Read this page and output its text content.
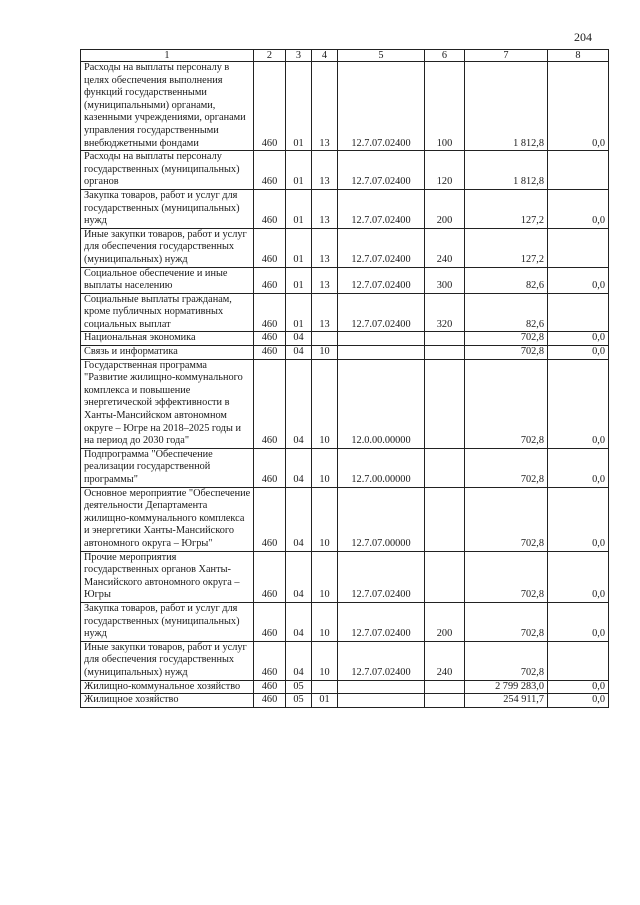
204
1	2	3	4	5	6	7	8
Расходы на выплаты персоналу в целях обеспечения выполнения функций государственными (муниципальными) органами, казенными учреждениями, органами управления государственными внебюджетными фондами	460	01	13	12.7.07.02400	100	1 812,8	0,0
Расходы на выплаты персоналу государственных (муниципальных) органов	460	01	13	12.7.07.02400	120	1 812,8	
Закупка товаров, работ и услуг для государственных (муниципальных) нужд	460	01	13	12.7.07.02400	200	127,2	0,0
Иные закупки товаров, работ и услуг для обеспечения государственных (муниципальных) нужд	460	01	13	12.7.07.02400	240	127,2	
Социальное обеспечение и иные выплаты населению	460	01	13	12.7.07.02400	300	82,6	0,0
Социальные выплаты гражданам, кроме публичных нормативных социальных выплат	460	01	13	12.7.07.02400	320	82,6	
Национальная экономика	460	04				702,8	0,0
Связь и информатика	460	04	10			702,8	0,0
Государственная программа "Развитие жилищно-коммунального комплекса и повышение энергетической эффективности в Ханты-Мансийском автономном округе – Югре на 2018–2025 годы и на период до 2030 года"	460	04	10	12.0.00.00000		702,8	0,0
Подпрограмма "Обеспечение реализации государственной программы"	460	04	10	12.7.00.00000		702,8	0,0
Основное мероприятие "Обеспечение деятельности Департамента жилищно-коммунального комплекса и энергетики Ханты-Мансийского автономного округа – Югры"	460	04	10	12.7.07.00000		702,8	0,0
Прочие мероприятия государственных органов Ханты-Мансийского автономного округа – Югры	460	04	10	12.7.07.02400		702,8	0,0
Закупка товаров, работ и услуг для государственных (муниципальных) нужд	460	04	10	12.7.07.02400	200	702,8	0,0
Иные закупки товаров, работ и услуг для обеспечения государственных (муниципальных) нужд	460	04	10	12.7.07.02400	240	702,8	
Жилищно-коммунальное хозяйство	460	05				2 799 283,0	0,0
Жилищное хозяйство	460	05	01			254 911,7	0,0
